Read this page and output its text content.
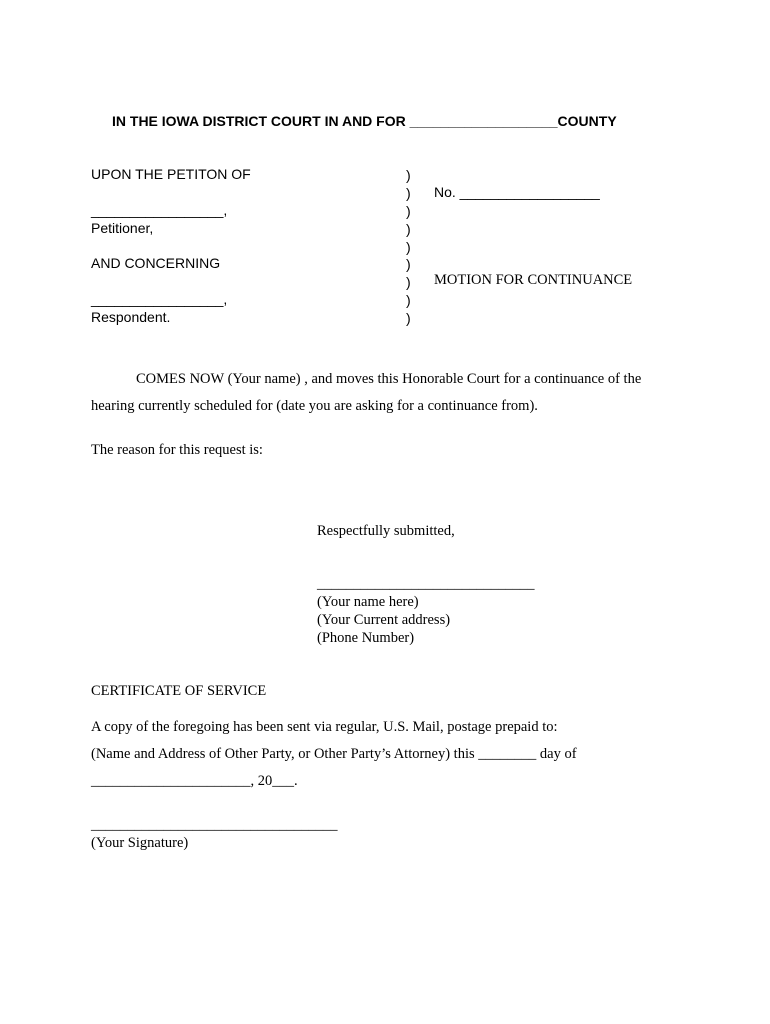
IN THE IOWA DISTRICT COURT IN AND FOR ___________________COUNTY
UPON THE PETITON OF
_________________,
Petitioner,
AND CONCERNING
_________________,
Respondent.
)
)
)
)
)
)
)
)
)
No. __________________
MOTION FOR CONTINUANCE
COMES NOW (Your name) , and moves this Honorable Court for a continuance of the
hearing currently scheduled for (date you are asking for a continuance from).
The reason for this request is:
Respectfully submitted,
______________________________
(Your name here)
(Your Current address)
(Phone Number)
CERTIFICATE OF SERVICE
A copy of the foregoing has been sent via regular, U.S. Mail, postage prepaid to:
(Name and Address of Other Party, or Other Party’s Attorney) this ________ day of
______________________, 20___.
__________________________________
(Your Signature)
